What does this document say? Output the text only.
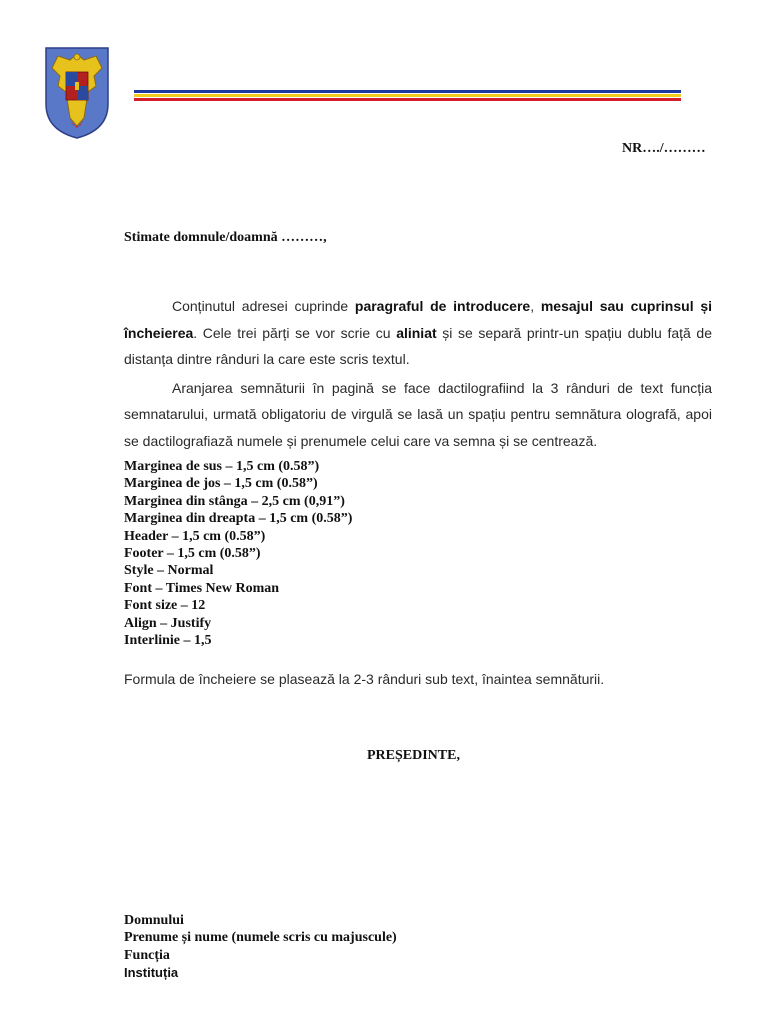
NR…./………
Stimate domnule/doamnă ………,

Conținutul adresei cuprinde paragraful de introducere, mesajul sau cuprinsul și încheierea. Cele trei părți se vor scrie cu aliniat și se separă printr-un spațiu dublu față de distanța dintre rânduri la care este scris textul.

Aranjarea semnăturii în pagină se face dactilografiind la 3 rânduri de text funcția semnatarului, urmată obligatoriu de virgulă se lasă un spațiu pentru semnătura olografă, apoi se dactilografiază numele și prenumele celui care va semna și se centrează.

Marginea de sus – 1,5 cm (0.58”)
Marginea de jos – 1,5 cm (0.58”)
Marginea din stânga – 2,5 cm (0,91”)
Marginea din dreapta – 1,5 cm (0.58”)
Header – 1,5 cm (0.58”)
Footer – 1,5 cm (0.58”)
Style – Normal
Font – Times New Roman
Font size – 12
Align – Justify
Interlinie – 1,5
Formula de încheiere se plasează la 2-3 rânduri sub text, înaintea semnăturii.
PREȘEDINTE,
Domnului
Prenume și nume (numele scris cu majuscule)
Funcția
Instituția
